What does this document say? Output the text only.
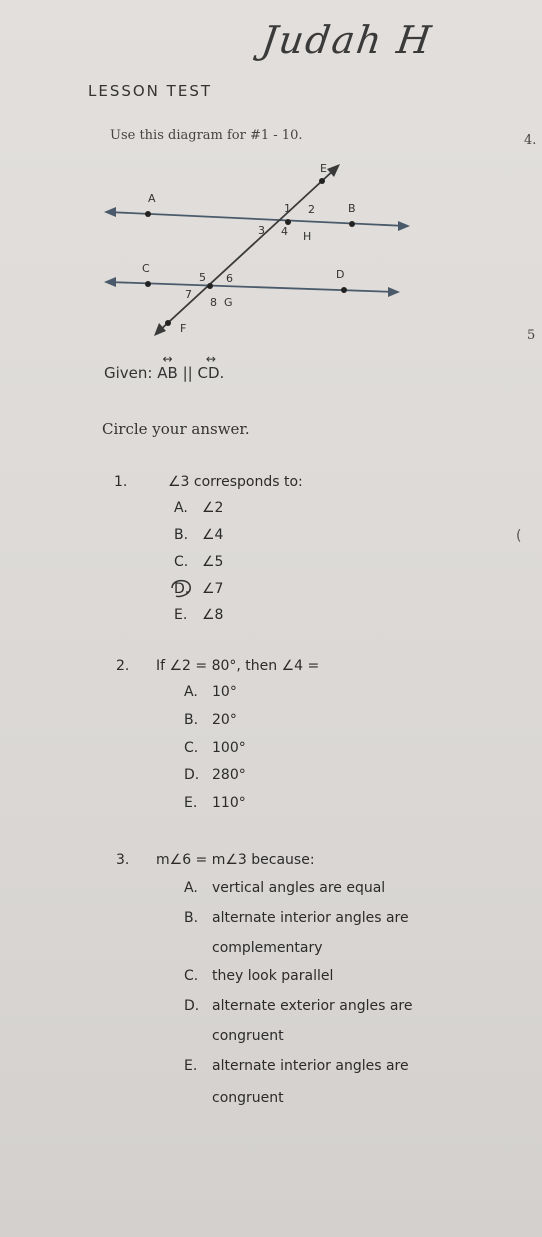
Judah H
LESSON TEST
Use this diagram for #1 - 10.	4.
5
E
A
1 2	B
3 4 H
C
5 6	D
7
8 G
F
Given: ↔ AB || ↔ CD.
Circle your answer.
1.	∠3 corresponds to:
A. ∠2
B. ∠4
C. ∠5
D. ∠7
E. ∠8
(
2. If ∠2 = 80°, then ∠4 =
A. 10°
B. 20°
C. 100°
D. 280°
E. 110°
3. m∠6 = m∠3 because:
A. vertical angles are equal
B. alternate interior angles are
complementary
C. they look parallel
D. alternate exterior angles are
congruent
E. alternate interior angles are
congruent
